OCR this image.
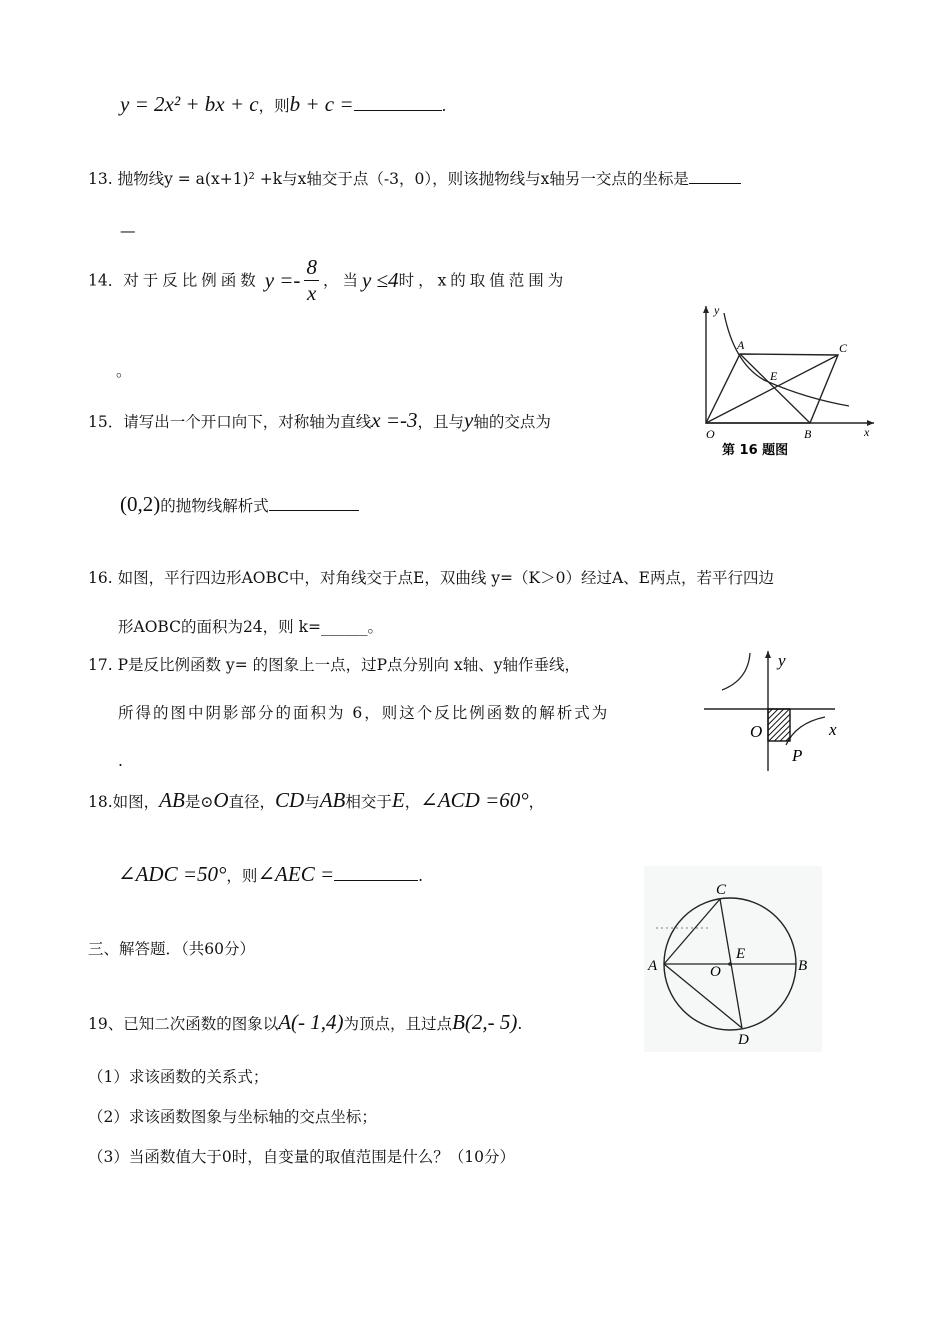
y = 2x² + bx + c，则b + c =	.
13. 抛物线y = a(x+1)² +k与x轴交于点（-3，0），则该抛物线与x轴另一交点的坐标是
—
14．对于反比例函数 $y =- \frac{8}{x}$ ，当y ≤4时，x的取值范围为
。
15．请写出一个开口向下，对称轴为直线x =-3，且与y轴的交点为
(0,2)的抛物线解析式
y
x
O
A
B
C
E
第 16 题图
16. 如图，平行四边形AOBC中，对角线交于点E，双曲线 y=（K＞0）经过A、E两点，若平行四边
形AOBC的面积为24，则 k=______。
17. P是反比例函数 y= 的图象上一点，过P点分别向 x轴、y轴作垂线，
所得的图中阴影部分的面积为 6，则这个反比例函数的解析式为
.
y
x
O
P
18.如图，AB是⊙O直径，CD与AB相交于E，∠ACD =60°，
∠ADC =50°，则∠AEC =	.
A	B
C
D
E
O
三、解答题．（共60分）
19、已知二次函数的图象以A(- 1,4)为顶点，且过点B(2,- 5).
（1）求该函数的关系式；
（2）求该函数图象与坐标轴的交点坐标；
（3）当函数值大于0时，自变量的取值范围是什么？（10分）
